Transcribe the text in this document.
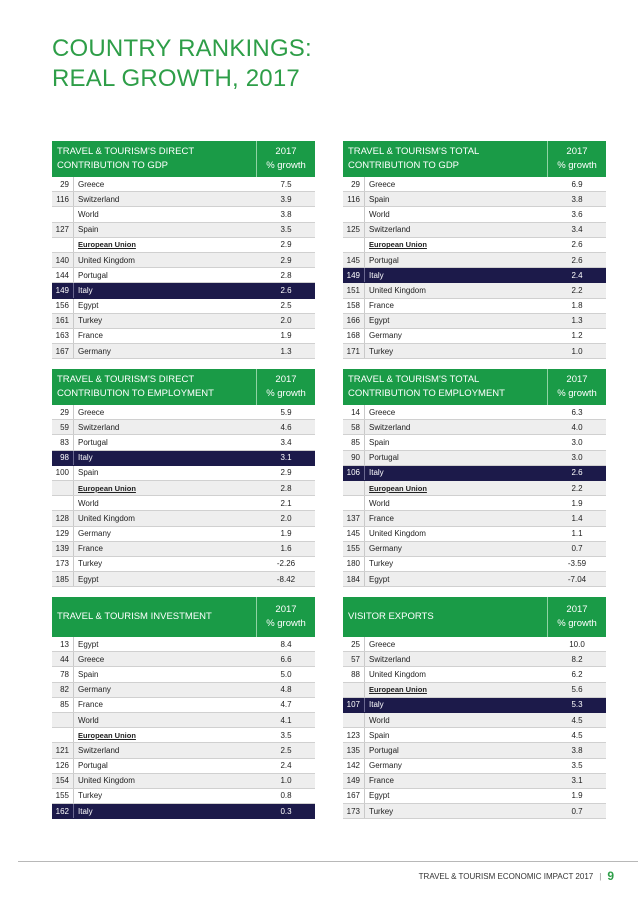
COUNTRY RANKINGS:
REAL GROWTH, 2017
TRAVEL & TOURISM'S DIRECT
CONTRIBUTION TO GDP
2017
% growth
29	Greece	7.5
116	Switzerland	3.9
World	3.8
127	Spain	3.5
European Union	2.9
140	United Kingdom	2.9
144	Portugal	2.8
149	Italy	2.6
156	Egypt	2.5
161	Turkey	2.0
163	France	1.9
167	Germany	1.3
TRAVEL & TOURISM'S TOTAL
CONTRIBUTION TO GDP
2017
% growth
29	Greece	6.9
116	Spain	3.8
World	3.6
125	Switzerland	3.4
European Union	2.6
145	Portugal	2.6
149	Italy	2.4
151	United Kingdom	2.2
158	France	1.8
166	Egypt	1.3
168	Germany	1.2
171	Turkey	1.0
TRAVEL & TOURISM'S DIRECT
CONTRIBUTION TO EMPLOYMENT
2017
% growth
29	Greece	5.9
59	Switzerland	4.6
83	Portugal	3.4
98	Italy	3.1
100	Spain	2.9
European Union	2.8
World	2.1
128	United Kingdom	2.0
129	Germany	1.9
139	France	1.6
173	Turkey	-2.26
185	Egypt	-8.42
TRAVEL & TOURISM'S TOTAL
CONTRIBUTION TO EMPLOYMENT
2017
% growth
14	Greece	6.3
58	Switzerland	4.0
85	Spain	3.0
90	Portugal	3.0
106	Italy	2.6
European Union	2.2
World	1.9
137	France	1.4
145	United Kingdom	1.1
155	Germany	0.7
180	Turkey	-3.59
184	Egypt	-7.04
TRAVEL & TOURISM INVESTMENT
2017
% growth
13	Egypt	8.4
44	Greece	6.6
78	Spain	5.0
82	Germany	4.8
85	France	4.7
World	4.1
European Union	3.5
121	Switzerland	2.5
126	Portugal	2.4
154	United Kingdom	1.0
155	Turkey	0.8
162	Italy	0.3
VISITOR EXPORTS
2017
% growth
25	Greece	10.0
57	Switzerland	8.2
88	United Kingdom	6.2
European Union	5.6
107	Italy	5.3
World	4.5
123	Spain	4.5
135	Portugal	3.8
142	Germany	3.5
149	France	3.1
167	Egypt	1.9
173	Turkey	0.7
TRAVEL & TOURISM ECONOMIC IMPACT 2017 | 9
